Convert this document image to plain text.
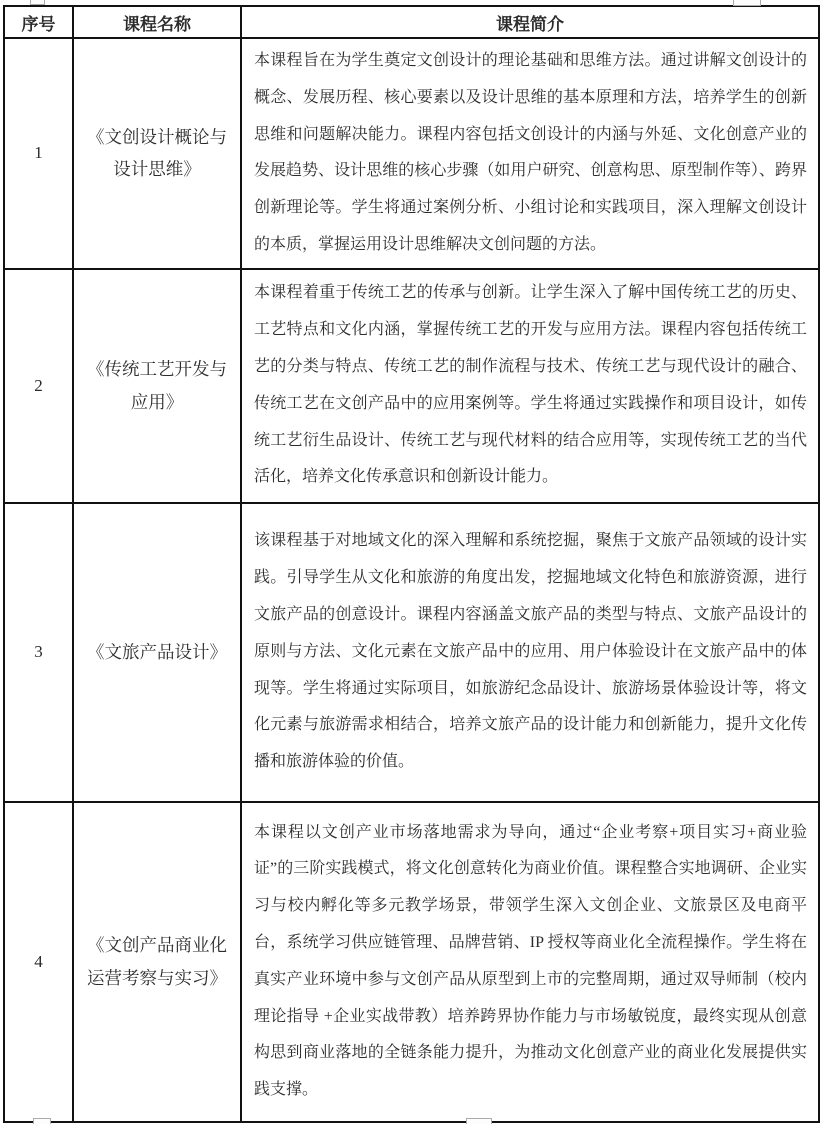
序号	课程名称	课程简介
1	《文创设计概论与设计思维》	本课程旨在为学生奠定文创设计的理论基础和思维方法。通过讲解文创设计的概念、发展历程、核心要素以及设计思维的基本原理和方法，培养学生的创新思维和问题解决能力。课程内容包括文创设计的内涵与外延、文化创意产业的发展趋势、设计思维的核心步骤（如用户研究、创意构思、原型制作等）、跨界创新理论等。学生将通过案例分析、小组讨论和实践项目，深入理解文创设计的本质，掌握运用设计思维解决文创问题的方法。
2	《传统工艺开发与应用》	本课程着重于传统工艺的传承与创新。让学生深入了解中国传统工艺的历史、工艺特点和文化内涵，掌握传统工艺的开发与应用方法。课程内容包括传统工艺的分类与特点、传统工艺的制作流程与技术、传统工艺与现代设计的融合、传统工艺在文创产品中的应用案例等。学生将通过实践操作和项目设计，如传统工艺衍生品设计、传统工艺与现代材料的结合应用等，实现传统工艺的当代活化，培养文化传承意识和创新设计能力。
3	《文旅产品设计》	该课程基于对地域文化的深入理解和系统挖掘，聚焦于文旅产品领域的设计实践。引导学生从文化和旅游的角度出发，挖掘地域文化特色和旅游资源，进行文旅产品的创意设计。课程内容涵盖文旅产品的类型与特点、文旅产品设计的原则与方法、文化元素在文旅产品中的应用、用户体验设计在文旅产品中的体现等。学生将通过实际项目，如旅游纪念品设计、旅游场景体验设计等，将文化元素与旅游需求相结合，培养文旅产品的设计能力和创新能力，提升文化传播和旅游体验的价值。
4	《文创产品商业化运营考察与实习》	本课程以文创产业市场落地需求为导向，通过“企业考察+项目实习+商业验证”的三阶实践模式，将文化创意转化为商业价值。课程整合实地调研、企业实习与校内孵化等多元教学场景，带领学生深入文创企业、文旅景区及电商平台，系统学习供应链管理、品牌营销、IP 授权等商业化全流程操作。学生将在真实产业环境中参与文创产品从原型到上市的完整周期，通过双导师制（校内理论指导 +企业实战带教）培养跨界协作能力与市场敏锐度，最终实现从创意构思到商业落地的全链条能力提升，为推动文化创意产业的商业化发展提供实践支撑。
